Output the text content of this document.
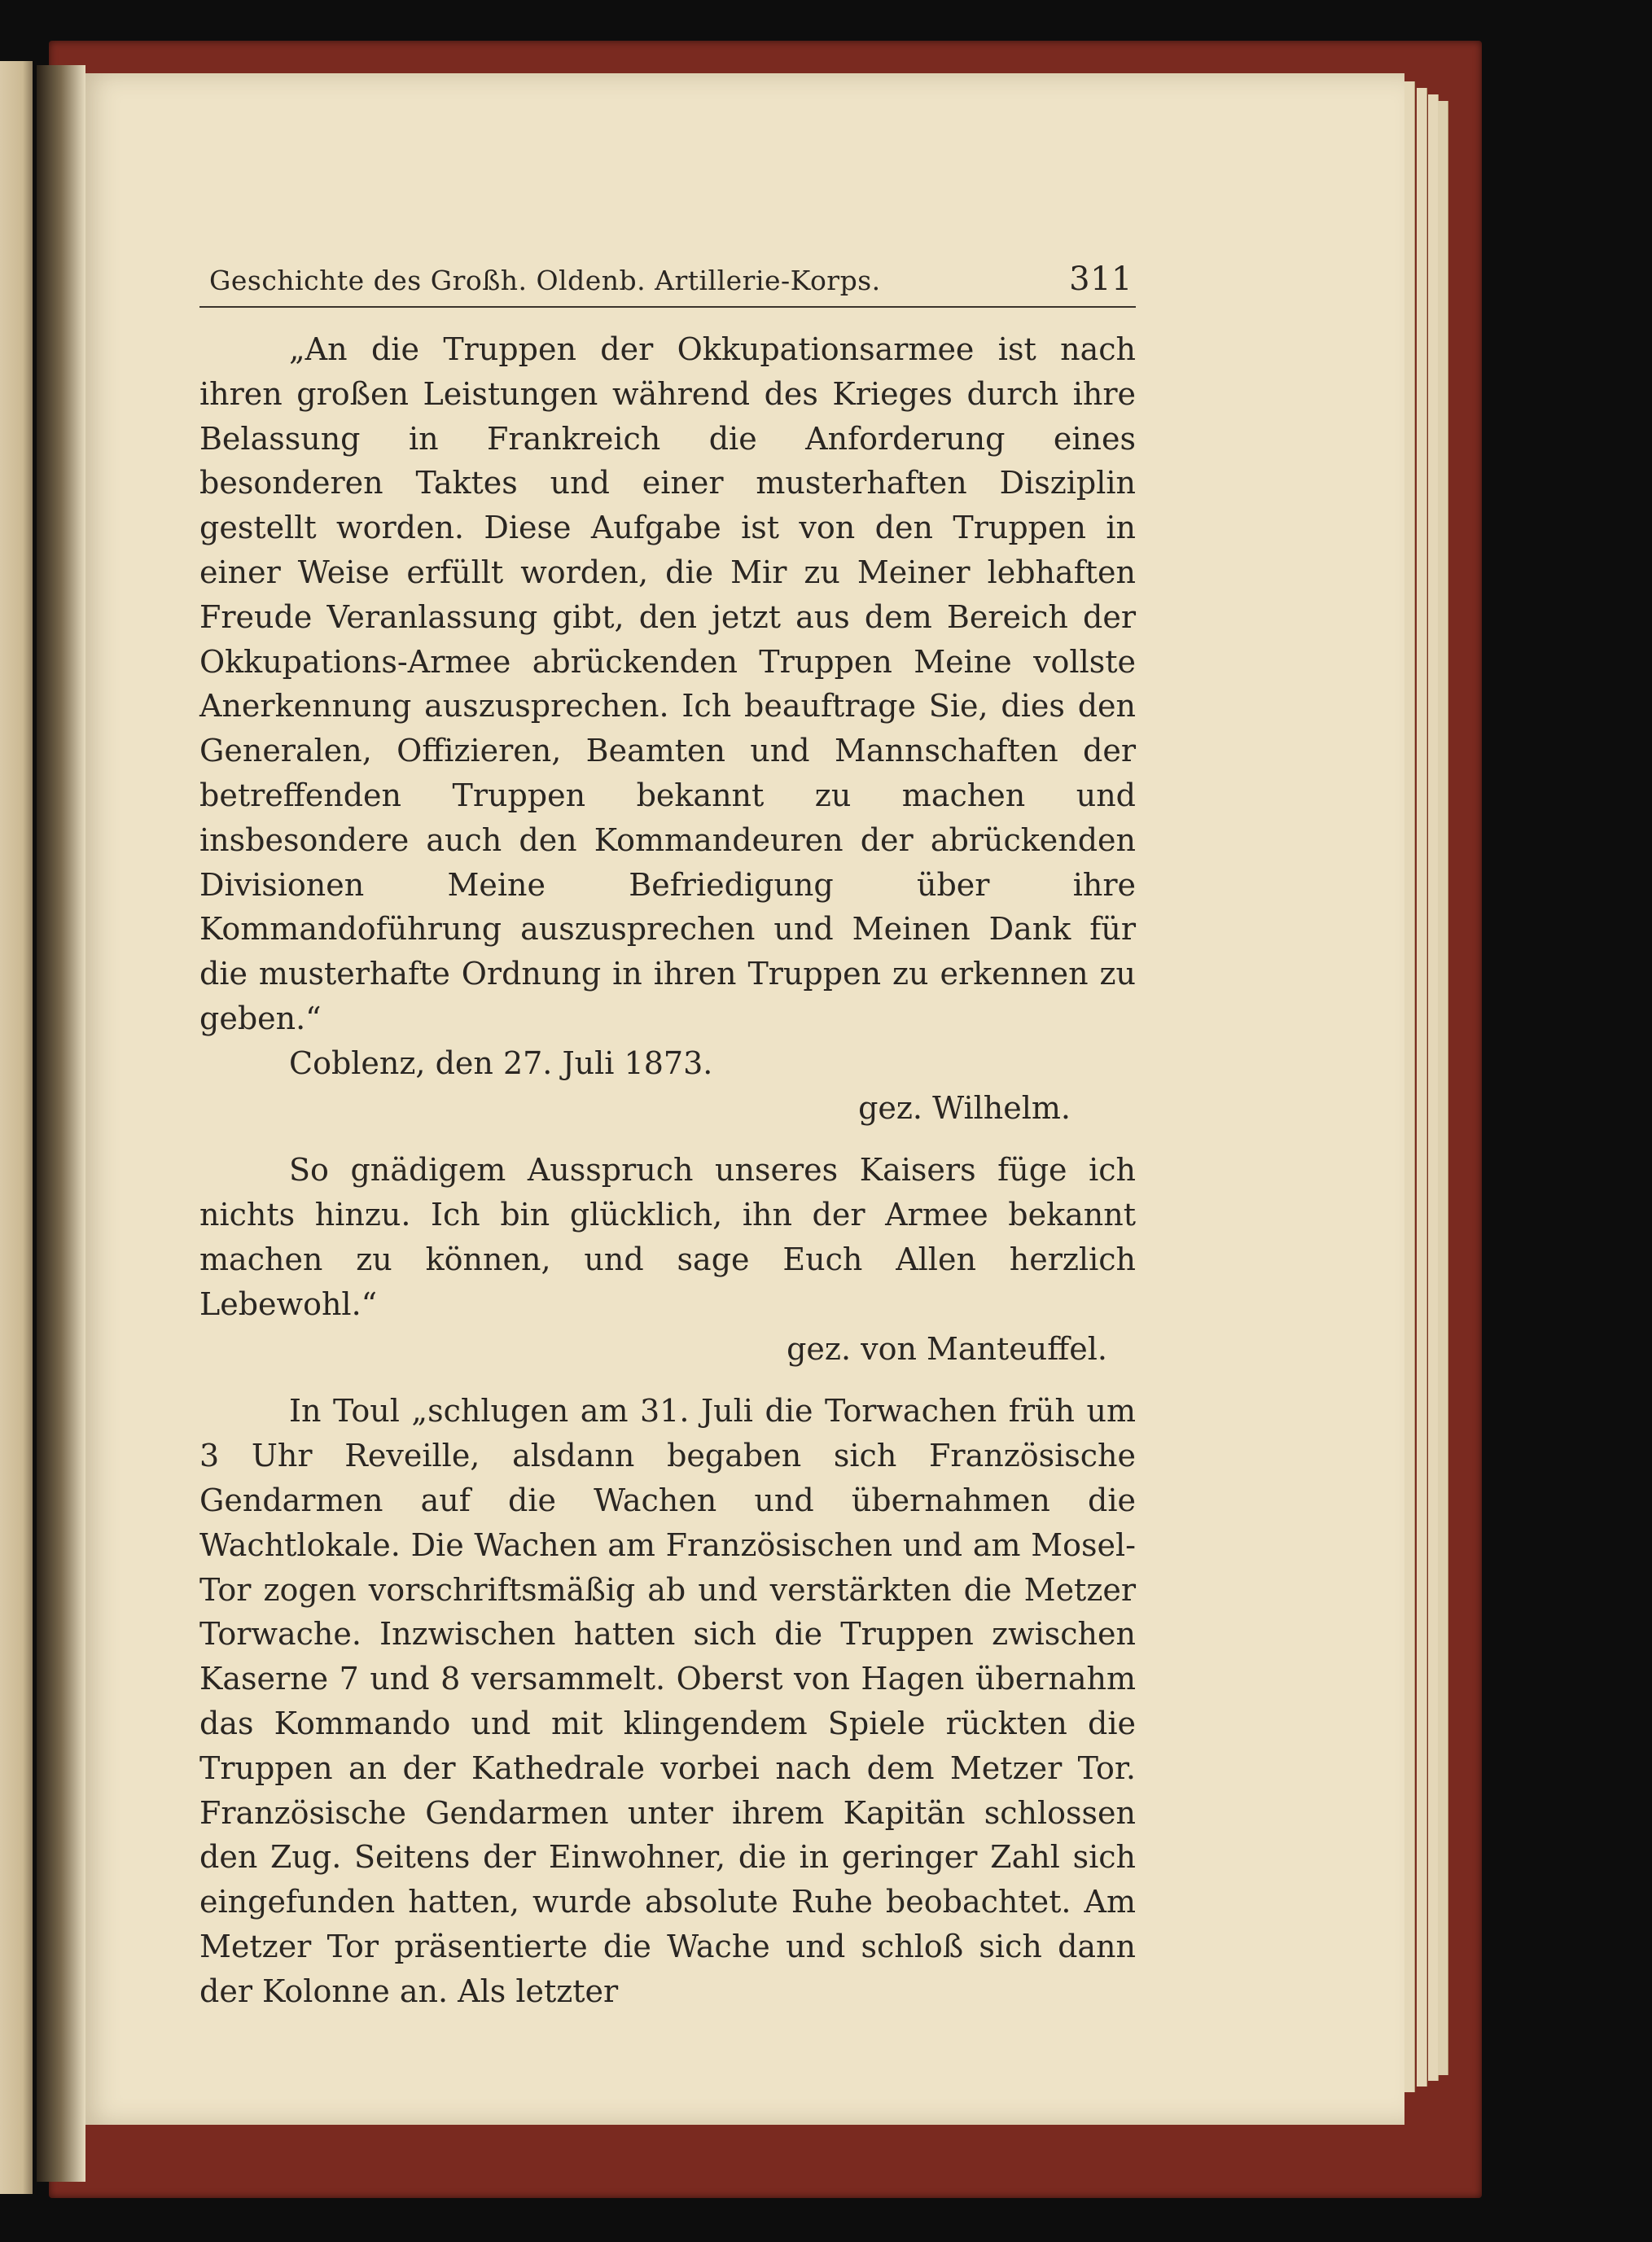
Geschichte des Großh. Oldenb. Artillerie-Korps.	311

„An die Truppen der Okkupationsarmee ist nach ihren großen Leistungen während des Krieges durch ihre Belassung in Frankreich die Anforderung eines besonderen Taktes und einer musterhaften Disziplin gestellt worden. Diese Aufgabe ist von den Truppen in einer Weise erfüllt worden, die Mir zu Meiner lebhaften Freude Veranlassung gibt, den jetzt aus dem Bereich der Okkupations-Armee abrückenden Truppen Meine vollste Anerkennung auszusprechen. Ich beauftrage Sie, dies den Generalen, Offizieren, Beamten und Mannschaften der betreffenden Truppen bekannt zu machen und insbesondere auch den Kommandeuren der abrückenden Divisionen Meine Befriedigung über ihre Kommandoführung auszusprechen und Meinen Dank für die musterhafte Ordnung in ihren Truppen zu erkennen zu geben.“

Coblenz, den 27. Juli 1873.

gez. Wilhelm.

So gnädigem Ausspruch unseres Kaisers füge ich nichts hinzu. Ich bin glücklich, ihn der Armee bekannt machen zu können, und sage Euch Allen herzlich Lebewohl.“

gez. von Manteuffel.

In Toul „schlugen am 31. Juli die Torwachen früh um 3 Uhr Reveille, alsdann begaben sich Französische Gendarmen auf die Wachen und übernahmen die Wachtlokale. Die Wachen am Französischen und am Mosel-Tor zogen vorschriftsmäßig ab und verstärkten die Metzer Torwache. Inzwischen hatten sich die Truppen zwischen Kaserne 7 und 8 versammelt. Oberst von Hagen übernahm das Kommando und mit klingendem Spiele rückten die Truppen an der Kathedrale vorbei nach dem Metzer Tor. Französische Gendarmen unter ihrem Kapitän schlossen den Zug. Seitens der Einwohner, die in geringer Zahl sich eingefunden hatten, wurde absolute Ruhe beobachtet. Am Metzer Tor präsentierte die Wache und schloß sich dann der Kolonne an. Als letzter
